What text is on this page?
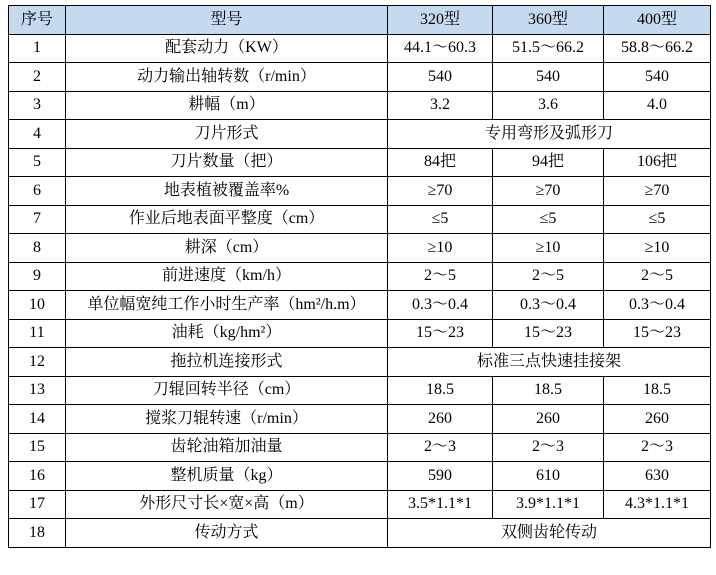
序号	型号	320型	360型	400型
1	配套动力（KW）	44.1～60.3	51.5～66.2	58.8～66.2
2	动力输出轴转数（r/min）	540	540	540
3	耕幅（m）	3.2	3.6	4.0
4	刀片形式	专用弯形及弧形刀		
5	刀片数量（把）	84把	94把	106把
6	地表植被覆盖率%	≥70	≥70	≥70
7	作业后地表面平整度（cm）	≤5	≤5	≤5
8	耕深（cm）	≥10	≥10	≥10
9	前进速度（km/h）	2～5	2～5	2～5
10	单位幅宽纯工作小时生产率（hm²/h.m）	0.3～0.4	0.3～0.4	0.3～0.4
11	油耗（kg/hm²）	15～23	15～23	15～23
12	拖拉机连接形式	标准三点快速挂接架		
13	刀辊回转半径（cm）	18.5	18.5	18.5
14	搅浆刀辊转速（r/min）	260	260	260
15	齿轮油箱加油量	2～3	2～3	2～3
16	整机质量（kg）	590	610	630
17	外形尺寸长×宽×高（m）	3.5*1.1*1	3.9*1.1*1	4.3*1.1*1
18	传动方式	双侧齿轮传动		
